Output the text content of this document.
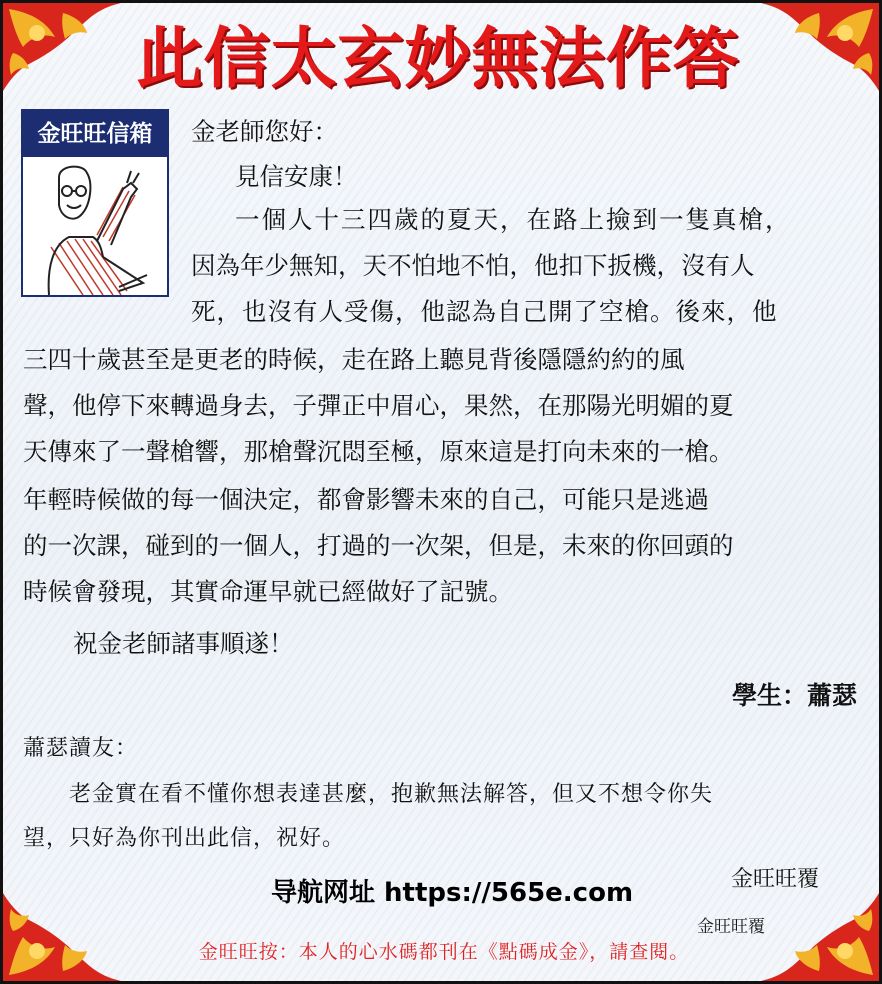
此信太玄妙無法作答
金旺旺信箱	金老師您好：
見信安康！
一個人十三四歲的夏天，在路上撿到一隻真槍，
因為年少無知，天不怕地不怕，他扣下扳機，沒有人
死，也沒有人受傷，他認為自己開了空槍。後來，他
三四十歲甚至是更老的時候，走在路上聽見背後隱隱約約的風
聲，他停下來轉過身去，子彈正中眉心，果然，在那陽光明媚的夏
天傳來了一聲槍響，那槍聲沉悶至極，原來這是打向未來的一槍。
年輕時候做的每一個決定，都會影響未來的自己，可能只是逃過
的一次課，碰到的一個人，打過的一次架，但是，未來的你回頭的
時候會發現，其實命運早就已經做好了記號。
祝金老師諸事順遂！
學生：蕭瑟
蕭瑟讀友：
老金實在看不懂你想表達甚麼，抱歉無法解答，但又不想令你失
望，只好為你刊出此信，祝好。
导航网址 https://565e.com	金旺旺覆
金旺旺覆
金旺旺按：本人的心水碼都刊在《點碼成金》，請查閱。
